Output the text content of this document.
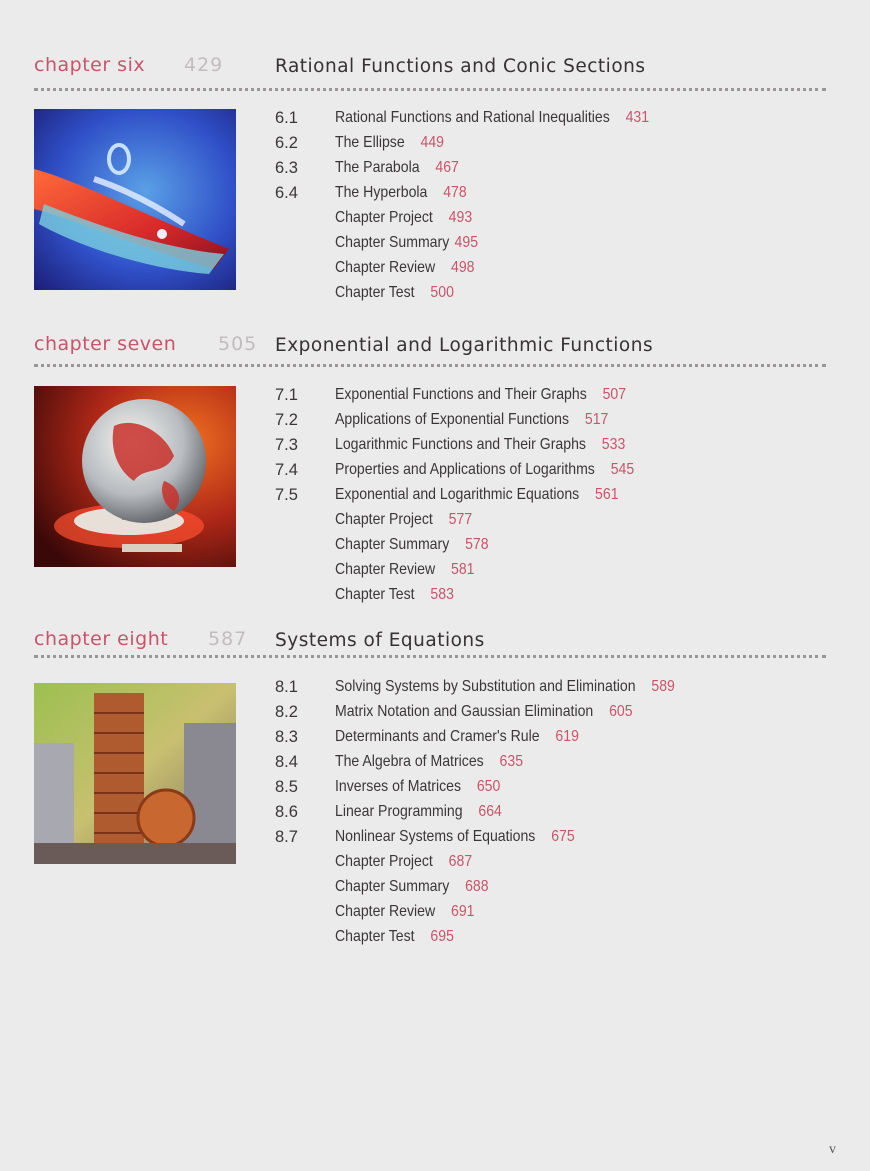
chapter six 429	Rational Functions and Conic Sections
6.1 Rational Functions and Rational Inequalities 431
6.2 The Ellipse 449
6.3 The Parabola 467
6.4 The Hyperbola 478
Chapter Project 493
Chapter Summary 495
Chapter Review 498
Chapter Test 500
chapter seven 505 Exponential and Logarithmic Functions
7.1 Exponential Functions and Their Graphs 507
7.2 Applications of Exponential Functions 517
7.3 Logarithmic Functions and Their Graphs 533
7.4 Properties and Applications of Logarithms 545
7.5 Exponential and Logarithmic Equations 561
Chapter Project 577
Chapter Summary 578
Chapter Review 581
Chapter Test 583
chapter eight 587 Systems of Equations
8.1 Solving Systems by Substitution and Elimination 589
8.2 Matrix Notation and Gaussian Elimination 605
8.3 Determinants and Cramer's Rule 619
8.4 The Algebra of Matrices 635
8.5 Inverses of Matrices 650
8.6 Linear Programming 664
8.7 Nonlinear Systems of Equations 675
Chapter Project 687
Chapter Summary 688
Chapter Review 691
Chapter Test 695
v
